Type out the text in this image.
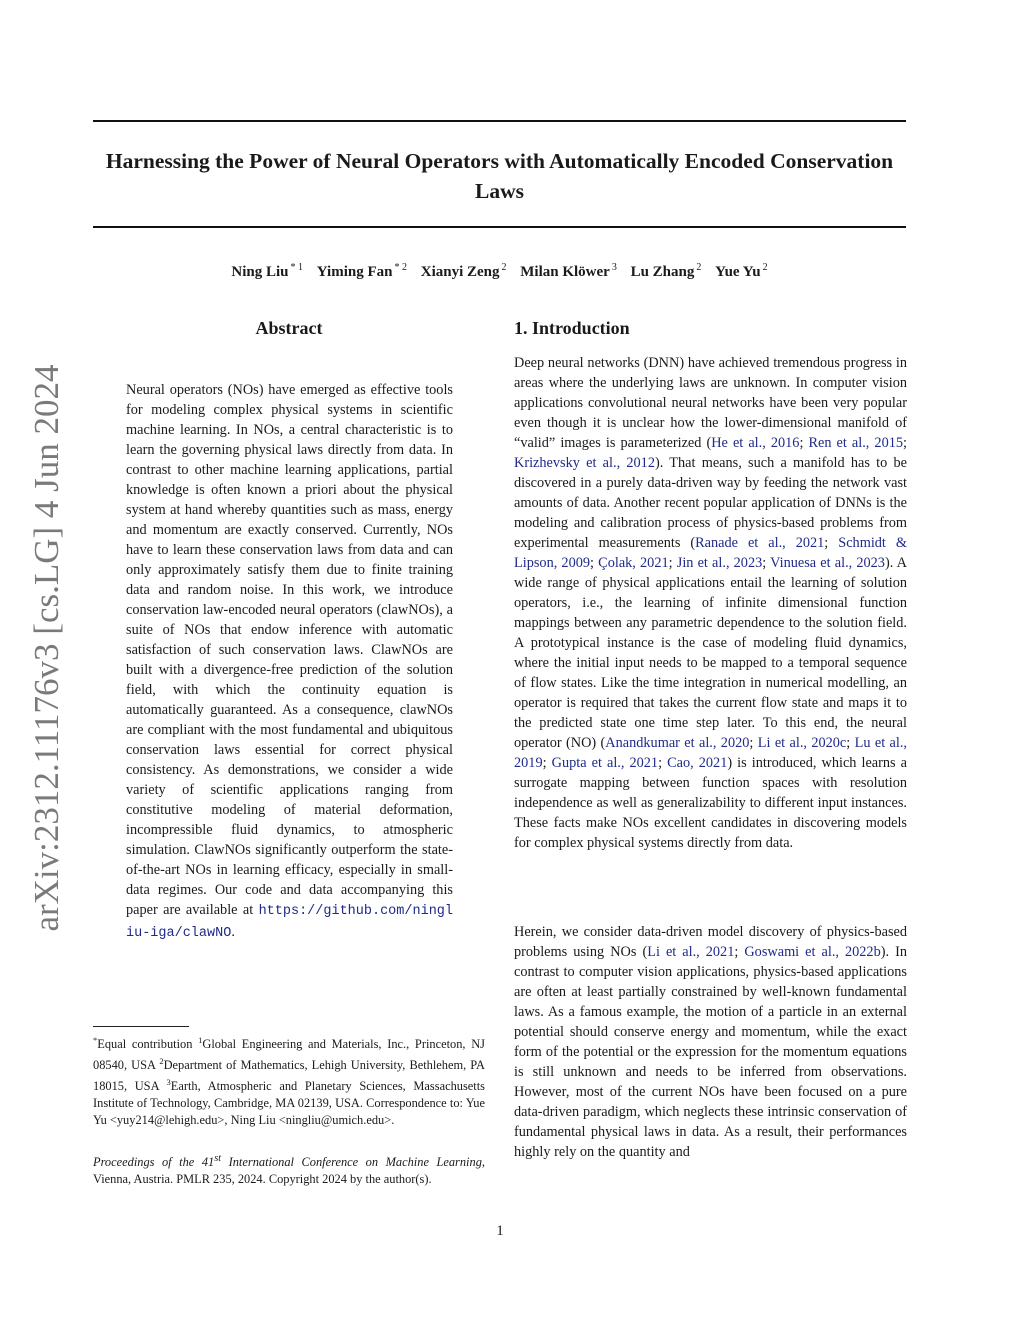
arXiv:2312.11176v3 [cs.LG] 4 Jun 2024
Harnessing the Power of Neural Operators with Automatically Encoded Conservation Laws
Ning Liu $^{* 1}$ Yiming Fan $^{* 2}$ Xianyi Zeng $^2$ Milan Klöwer $^3$ Lu Zhang $^2$ Yue Yu $^2$
Abstract
Neural operators (NOs) have emerged as effective tools for modeling complex physical systems in scientific machine learning. In NOs, a central characteristic is to learn the governing physical laws directly from data. In contrast to other machine learning applications, partial knowledge is often known a priori about the physical system at hand whereby quantities such as mass, energy and momentum are exactly conserved. Currently, NOs have to learn these conservation laws from data and can only approximately satisfy them due to finite training data and random noise. In this work, we introduce conservation law-encoded neural operators (clawNOs), a suite of NOs that endow inference with automatic satisfaction of such conservation laws. ClawNOs are built with a divergence-free prediction of the solution field, with which the continuity equation is automatically guaranteed. As a consequence, clawNOs are compliant with the most fundamental and ubiquitous conservation laws essential for correct physical consistency. As demonstrations, we consider a wide variety of scientific applications ranging from constitutive modeling of material deformation, incompressible fluid dynamics, to atmospheric simulation. ClawNOs significantly outperform the state-of-the-art NOs in learning efficacy, especially in small-data regimes. Our code and data accompanying this paper are available at https://github.com/ningliu-iga/clawNO.
*Equal contribution $^1$Global Engineering and Materials, Inc., Princeton, NJ 08540, USA $^2$Department of Mathematics, Lehigh University, Bethlehem, PA 18015, USA $^3$Earth, Atmospheric and Planetary Sciences, Massachusetts Institute of Technology, Cambridge, MA 02139, USA. Correspondence to: Yue Yu <yuy214@lehigh.edu>, Ning Liu <ningliu@umich.edu>.
Proceedings of the 41st International Conference on Machine Learning, Vienna, Austria. PMLR 235, 2024. Copyright 2024 by the author(s).
1. Introduction
Deep neural networks (DNN) have achieved tremendous progress in areas where the underlying laws are unknown. In computer vision applications convolutional neural networks have been very popular even though it is unclear how the lower-dimensional manifold of “valid” images is parameterized (He et al., 2016; Ren et al., 2015; Krizhevsky et al., 2012). That means, such a manifold has to be discovered in a purely data-driven way by feeding the network vast amounts of data. Another recent popular application of DNNs is the modeling and calibration process of physics-based problems from experimental measurements (Ranade et al., 2021; Schmidt & Lipson, 2009; Çolak, 2021; Jin et al., 2023; Vinuesa et al., 2023). A wide range of physical applications entail the learning of solution operators, i.e., the learning of infinite dimensional function mappings between any parametric dependence to the solution field. A prototypical instance is the case of modeling fluid dynamics, where the initial input needs to be mapped to a temporal sequence of flow states. Like the time integration in numerical modelling, an operator is required that takes the current flow state and maps it to the predicted state one time step later. To this end, the neural operator (NO) (Anandkumar et al., 2020; Li et al., 2020c; Lu et al., 2019; Gupta et al., 2021; Cao, 2021) is introduced, which learns a surrogate mapping between function spaces with resolution independence as well as generalizability to different input instances. These facts make NOs excellent candidates in discovering models for complex physical systems directly from data.
Herein, we consider data-driven model discovery of physics-based problems using NOs (Li et al., 2021; Goswami et al., 2022b). In contrast to computer vision applications, physics-based applications are often at least partially constrained by well-known fundamental laws. As a famous example, the motion of a particle in an external potential should conserve energy and momentum, while the exact form of the potential or the expression for the momentum equations is still unknown and needs to be inferred from observations. However, most of the current NOs have been focused on a pure data-driven paradigm, which neglects these intrinsic conservation of fundamental physical laws in data. As a result, their performances highly rely on the quantity and
1
